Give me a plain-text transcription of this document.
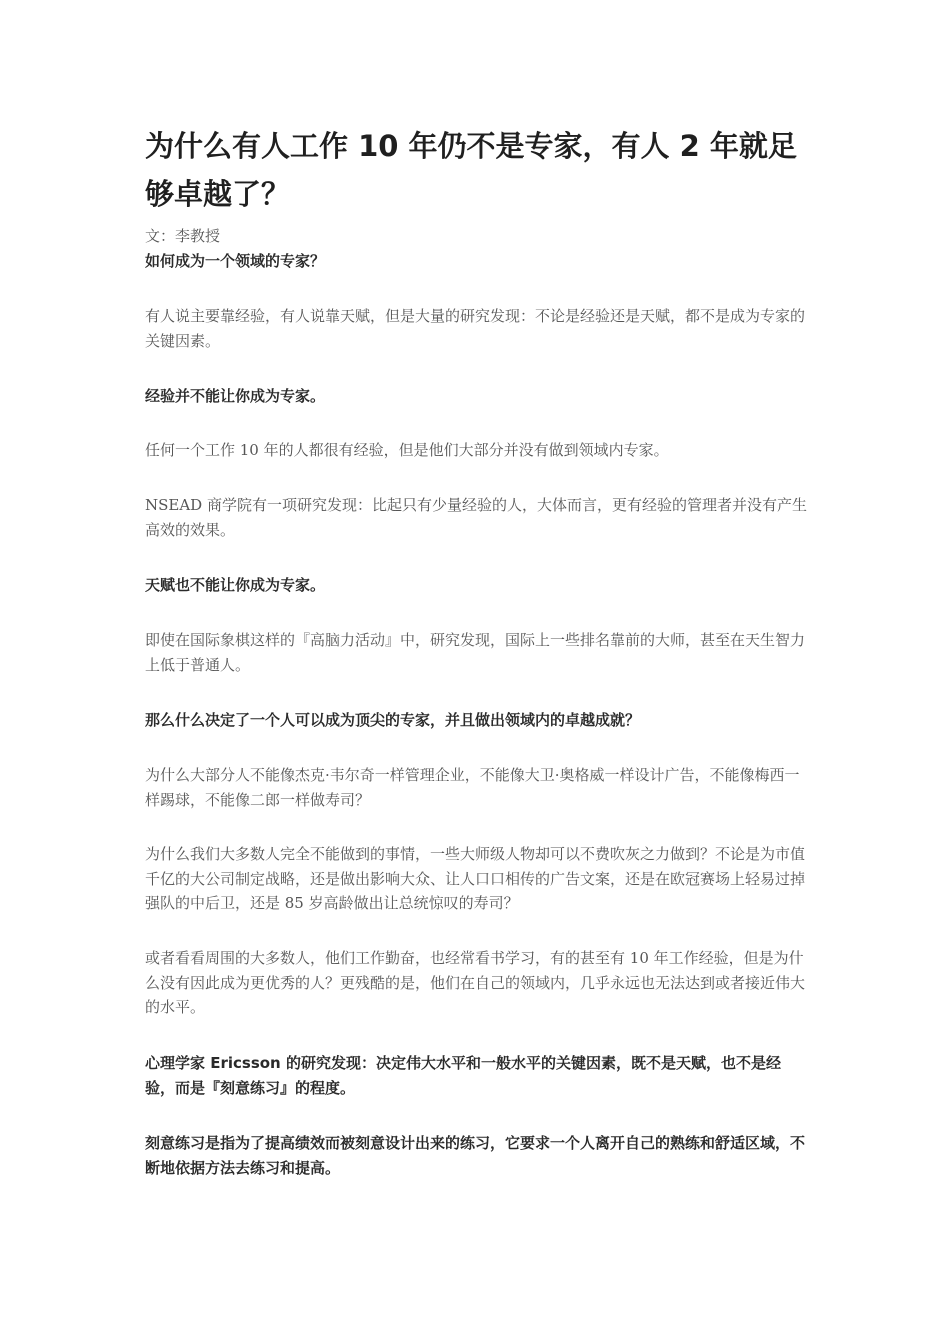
为什么有人工作 10 年仍不是专家，有人 2 年就足够卓越了？

文：李教授

如何成为一个领域的专家？

有人说主要靠经验，有人说靠天赋，但是大量的研究发现：不论是经验还是天赋，都不是成为专家的关键因素。

经验并不能让你成为专家。

任何一个工作 10 年的人都很有经验，但是他们大部分并没有做到领域内专家。

NSEAD 商学院有一项研究发现：比起只有少量经验的人，大体而言，更有经验的管理者并没有产生高效的效果。

天赋也不能让你成为专家。

即使在国际象棋这样的『高脑力活动』中，研究发现，国际上一些排名靠前的大师，甚至在天生智力上低于普通人。

那么什么决定了一个人可以成为顶尖的专家，并且做出领域内的卓越成就？

为什么大部分人不能像杰克·韦尔奇一样管理企业，不能像大卫·奥格威一样设计广告，不能像梅西一样踢球，不能像二郎一样做寿司？

为什么我们大多数人完全不能做到的事情，一些大师级人物却可以不费吹灰之力做到？不论是为市值千亿的大公司制定战略，还是做出影响大众、让人口口相传的广告文案，还是在欧冠赛场上轻易过掉强队的中后卫，还是 85 岁高龄做出让总统惊叹的寿司？

或者看看周围的大多数人，他们工作勤奋，也经常看书学习，有的甚至有 10 年工作经验，但是为什么没有因此成为更优秀的人？更残酷的是，他们在自己的领域内，几乎永远也无法达到或者接近伟大的水平。

心理学家 Ericsson 的研究发现：决定伟大水平和一般水平的关键因素，既不是天赋，也不是经验，而是『刻意练习』的程度。

刻意练习是指为了提高绩效而被刻意设计出来的练习，它要求一个人离开自己的熟练和舒适区域，不断地依据方法去练习和提高。
